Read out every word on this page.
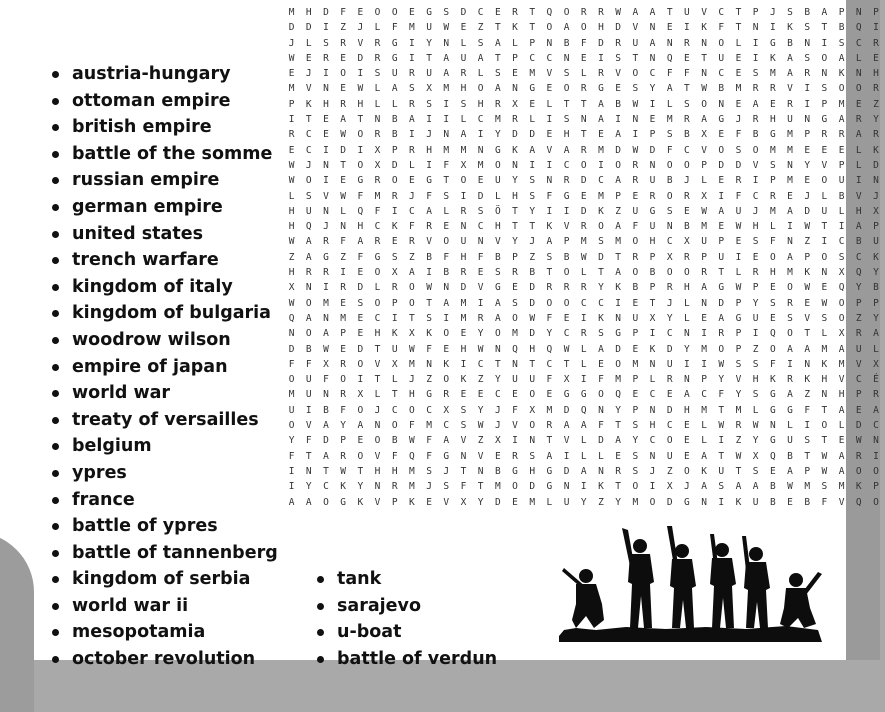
M H D F E O O E G S D C E R T Q O R R W A A T U V C T P J S B A P N P
D D I Z J L F M U W E Z T K T O A O H D V N E I K F T N I K S T B Q I
J L S R V R G I Y N L S A L P N B F D R U A N R N O L I G B N I S C R
W E R E D R G I T A U A T P C C N E I S T N Q E T U E I K A S O A L E
E J I O I S U R U A R L S E M V S L R V O C F F N C E S M A R N K N H
M V N E W L A S X M H O A N G E O R G E S Y A T W B M R R V I S O O R
P K H R H L L R S I S H R X E L T T A B W I L S O N E A E R I P M E Z
I T E A T N B A I I L C M R L I S N A I N E M R A G J R H U N G A R Y
R C E W O R B I J N A I Y D D E H T E A I P S B X E F B G M P R R A R
E C I D I X P R H M M N G K A V A R M D W D F C V O S O M M E E E L K
W J N T O X D L I F X M O N I I C O I O R N O O P D D V S N Y V P L D
W O I E G R O E G T O E U Y S N R D C A R U B J L E R I P M E O U I N
L S V W F M R J F S I D L H S F G E M P E R O R X I F C R E J L B V J
H U N L Q F I C A L R S Ö T Y I I D K Z U G S E W A U J M A D U L H X
H Q J N H C K F R E N C H T T K V R O A F U N B M E W H L I W T I A P
W A R F A R E R V O U N V Y J A P M S M O H C X U P E S F N Z I C B U
Z A G Z F G S Z B F H F B P Z S B W D T R P X R P U I E O A P O S C K
H R R I E O X A I B R E S R B T O L T A O B O O R T L R H M K N X Q Y
X N I R D L R O W N D V G E D R R R Y K B P R H A G W P E O W E Q Y B
W O M E S O P O T A M I A S D O O C C I E T J L N D P Y S R E W O P P
Q A N M E C I T S I M R A O W F E I K N U X Y L E A G U E S V S O Z Y
N O A P E H K X K O E Y O M D Y C R S G P I C N I R P I Q O T L X R A
D B W E D T U W F E H W N Q H Q W L A D E K D Y M O P Z O A A M A U L
F F X R O V X M N K I C T N T C T L E O M N U I I W S S F I N K M V X
O U F O I T L J Z O K Z Y U U F X I F M P L R N P Y V H K R K H V C É
M U N R X L T H G R E E C E O E G G O Q E C E A C F Y S G A Z N H P R
U I B F O J C O C X S Y J F X M D Q N Y P N D H M T M L G G F T A E A
O V A Y A N O F M C S W J V O R A A F T S H C E L W R W N L I O L D C
Y F D P E O B W F A V Z X I N T V L D A Y C O E L I Z Y G U S T E W N
F T A R O V F Q F G N V E R S A I L L E S N U E A T W X Q B T W A R I
I N T W T H H M S J T N B G H G D A N R S J Z O K U T S E A P W A O O
I Y C K Y N R M J S F T M O D G N I K T O I X J A S A A B W M S M K P
A A O G K V P K E V X Y D E M L U Y Z Y M O D G N I K U B E B F V Q O
austria-hungary
ottoman empire
british empire
battle of the somme
russian empire
german empire
united states
trench warfare
kingdom of italy
kingdom of bulgaria
woodrow wilson
empire of japan
world war
treaty of versailles
belgium
ypres
france
battle of ypres
battle of tannenberg
kingdom of serbia
world war ii
mesopotamia
october revolution
tank
sarajevo
u-boat
battle of verdun
